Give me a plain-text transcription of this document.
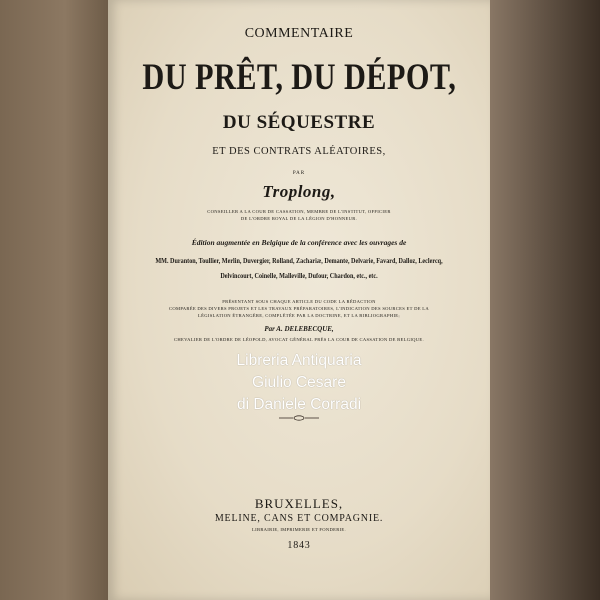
COMMENTAIRE
DU PRÊT, DU DÉPOT,
DU SÉQUESTRE
ET DES CONTRATS ALÉATOIRES,
PAR
Troplong,
CONSEILLER A LA COUR DE CASSATION, MEMBRE DE L'INSTITUT, OFFICIER
DE L'ORDRE ROYAL DE LA LÉGION D'HONNEUR.
Édition augmentée en Belgique de la conférence avec les ouvrages de
MM. Duranton, Toullier, Merlin, Duvergier, Rolland, Zachariæ, Demante, Delvarie, Favard, Dalloz, Leclercq,
Delvincourt, Coinelle, Malleville, Dufour, Chardon, etc., etc.
PRÉSENTANT SOUS CHAQUE ARTICLE DU CODE LA RÉDACTION
COMPARÉE DES DIVERS PROJETS ET LES TRAVAUX PRÉPARATOIRES, L'INDICATION DES SOURCES ET DE LA
LÉGISLATION ÉTRANGÈRE, COMPLÉTÉE PAR LA DOCTRINE, ET LA BIBLIOGRAPHIE;
Par A. DELEBECQUE,
CHEVALIER DE L'ORDRE DE LÉOPOLD, AVOCAT GÉNÉRAL PRÈS LA COUR DE CASSATION DE BELGIQUE.
Libreria Antiquaria
Giulio Cesare
di Daniele Corradi
BRUXELLES,
MELINE, CANS ET COMPAGNIE.
LIBRAIRIE, IMPRIMERIE ET FONDERIE.
1843
